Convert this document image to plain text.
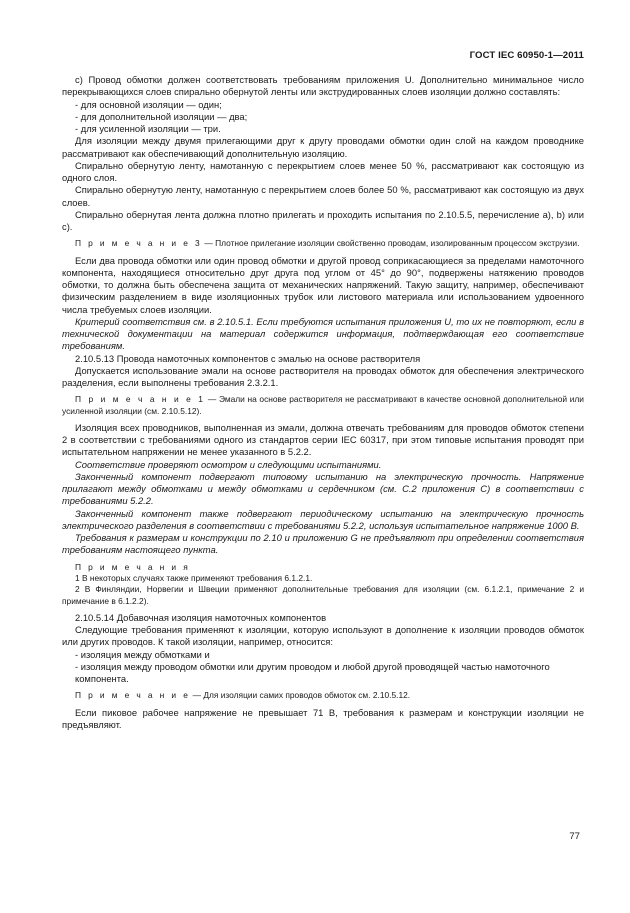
ГОСТ IEC 60950-1—2011

c) Провод обмотки должен соответствовать требованиям приложения U. Дополнительно минимальное число перекрывающихся слоев спирально обернутой ленты или экструдированных слоев изоляции должно составлять:

- для основной изоляции — один;

- для дополнительной изоляции — два;

- для усиленной изоляции — три.

Для изоляции между двумя прилегающими друг к другу проводами обмотки один слой на каждом проводнике рассматривают как обеспечивающий дополнительную изоляцию.

Спирально обернутую ленту, намотанную с перекрытием слоев менее 50 %, рассматривают как состоящую из одного слоя.

Спирально обернутую ленту, намотанную с перекрытием слоев более 50 %, рассматривают как состоящую из двух слоев.

Спирально обернутая лента должна плотно прилегать и проходить испытания по 2.10.5.5, перечисление а), b) или c).

П р и м е ч а н и е 3 — Плотное прилегание изоляции свойственно проводам, изолированным процессом экструзии.

Если два провода обмотки или один провод обмотки и другой провод соприкасающиеся за пределами намоточного компонента, находящиеся относительно друг друга под углом от 45° до 90°, подвержены натяжению проводов обмотки, то должна быть обеспечена защита от механических напряжений. Такую защиту, например, обеспечивают физическим разделением в виде изоляционных трубок или листового материала или использованием удвоенного числа требуемых слоев изоляции.

Критерий соответствия см. в 2.10.5.1. Если требуются испытания приложения U, то их не повторяют, если в технической документации на материал содержится информация, подтверждающая его соответствие требованиям.

2.10.5.13 Провода намоточных компонентов с эмалью на основе растворителя

Допускается использование эмали на основе растворителя на проводах обмоток для обеспечения электрического разделения, если выполнены требования 2.3.2.1.

П р и м е ч а н и е 1 — Эмали на основе растворителя не рассматривают в качестве основной дополнительной или усиленной изоляции (см. 2.10.5.12).

Изоляция всех проводников, выполненная из эмали, должна отвечать требованиям для проводов обмоток степени 2 в соответствии с требованиями одного из стандартов серии IEC 60317, при этом типовые испытания проводят при испытательном напряжении не менее указанного в 5.2.2.

Соответствие проверяют осмотром и следующими испытаниями.

Законченный компонент подвергают типовому испытанию на электрическую прочность. Напряжение прилагают между обмотками и между обмотками и сердечником (см. С.2 приложения С) в соответствии с требованиями 5.2.2.

Законченный компонент также подвергают периодическому испытанию на электрическую прочность электрического разделения в соответствии с требованиями 5.2.2, используя испытательное напряжение 1000 В.

Требования к размерам и конструкции по 2.10 и приложению G не предъявляют при определении соответствия требованиям настоящего пункта.

П р и м е ч а н и я

1 В некоторых случаях также применяют требования 6.1.2.1.

2 В Финляндии, Норвегии и Швеции применяют дополнительные требования для изоляции (см. 6.1.2.1, примечание 2 и примечание в 6.1.2.2).

2.10.5.14 Добавочная изоляция намоточных компонентов

Следующие требования применяют к изоляции, которую используют в дополнение к изоляции проводов обмоток или других проводов. К такой изоляции, например, относится:

- изоляция между обмотками и

- изоляция между проводом обмотки или другим проводом и любой другой проводящей частью намоточного компонента.

П р и м е ч а н и е — Для изоляции самих проводов обмоток см. 2.10.5.12.

Если пиковое рабочее напряжение не превышает 71 В, требования к размерам и конструкции изоляции не предъявляют.

77
